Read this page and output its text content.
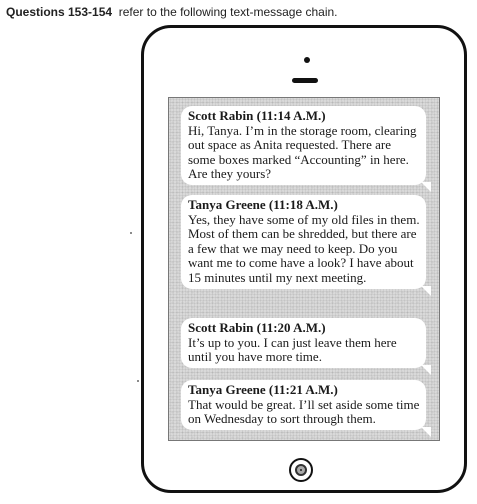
Questions 153-154 refer to the following text-message chain.
Scott Rabin (11:14 A.M.)
Hi, Tanya. I’m in the storage room, clearing out space as Anita requested. There are some boxes marked “Accounting” in here. Are they yours?
Tanya Greene (11:18 A.M.)
Yes, they have some of my old files in them. Most of them can be shredded, but there are a few that we may need to keep. Do you want me to come have a look? I have about 15 minutes until my next meeting.
Scott Rabin (11:20 A.M.)
It’s up to you. I can just leave them here until you have more time.
Tanya Greene (11:21 A.M.)
That would be great. I’ll set aside some time on Wednesday to sort through them.
